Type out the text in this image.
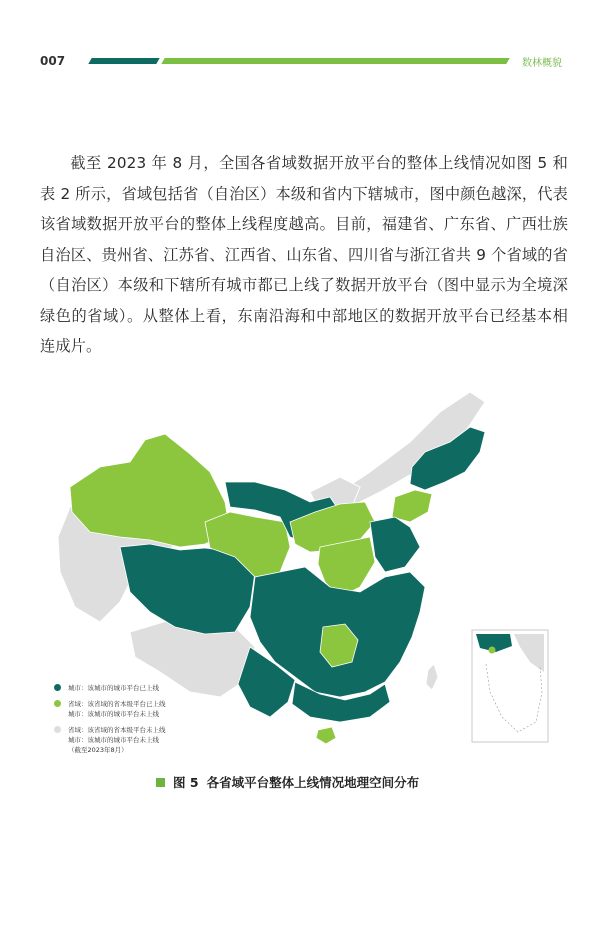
007	数林概貌

截至 2023 年 8 月，全国各省域数据开放平台的整体上线情况如图 5 和表 2 所示，省域包括省（自治区）本级和省内下辖城市，图中颜色越深，代表该省域数据开放平台的整体上线程度越高。目前，福建省、广东省、广西壮族自治区、贵州省、江苏省、江西省、山东省、四川省与浙江省共 9 个省域的省（自治区）本级和下辖所有城市都已上线了数据开放平台（图中显示为全境深绿色的省域）。从整体上看，东南沿海和中部地区的数据开放平台已经基本相连成片。

城市：该城市的城市平台已上线
省域：该省域的省本级平台已上线
城市：该城市的城市平台未上线
省域：该省域的省本级平台未上线
城市：该城市的城市平台未上线
（截至2023年8月）
图 5 各省域平台整体上线情况地理空间分布
